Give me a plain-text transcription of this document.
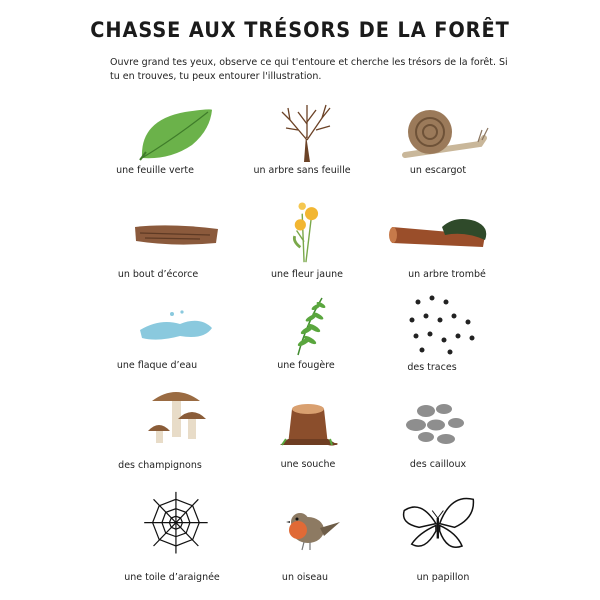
CHASSE AUX TRÉSORS DE LA FORÊT
Ouvre grand tes yeux, observe ce qui t'entoure et cherche les trésors de la forêt. Si tu en trouves, tu peux entourer l'illustration.
une feuille verte	un arbre sans feuille	un escargot
un bout d’écorce	une fleur jaune	un arbre trombé
une flaque d’eau	une fougère	des traces
des champignons	une souche	des cailloux
une toile d’araignée	un oiseau	un papillon
